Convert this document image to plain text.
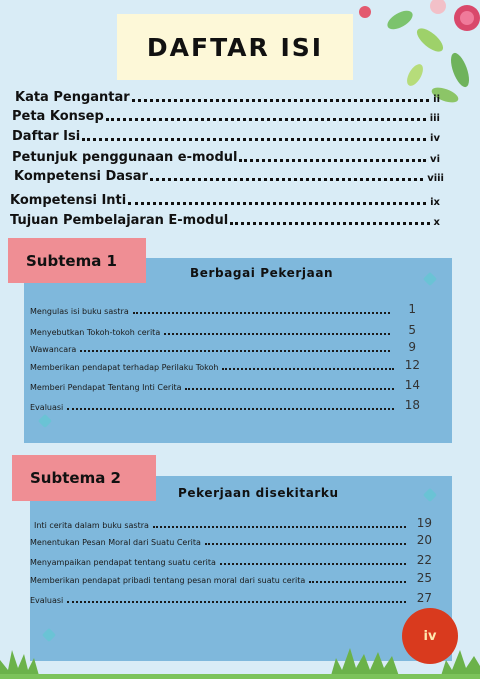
DAFTAR ISI
Kata Pengantar	ii
Peta Konsep	iii
Daftar Isi	iv
Petunjuk penggunaan e-modul	vi
Kompetensi Dasar	viii
Kompetensi Inti	ix
Tujuan Pembelajaran E-modul	x
Subtema 1
Berbagai Pekerjaan
Mengulas isi buku sastra	1
Menyebutkan Tokoh-tokoh cerita	5
Wawancara	9
Memberikan pendapat terhadap Perilaku Tokoh	12
Memberi Pendapat Tentang Inti Cerita	14
Evaluasi	18
Subtema 2
Pekerjaan disekitarku
Inti cerita dalam buku sastra	19
Menentukan Pesan Moral dari Suatu Cerita	20
Menyampaikan pendapat tentang suatu cerita	22
Memberikan pendapat pribadi tentang pesan moral dari suatu cerita	25
Evaluasi	27
iv
